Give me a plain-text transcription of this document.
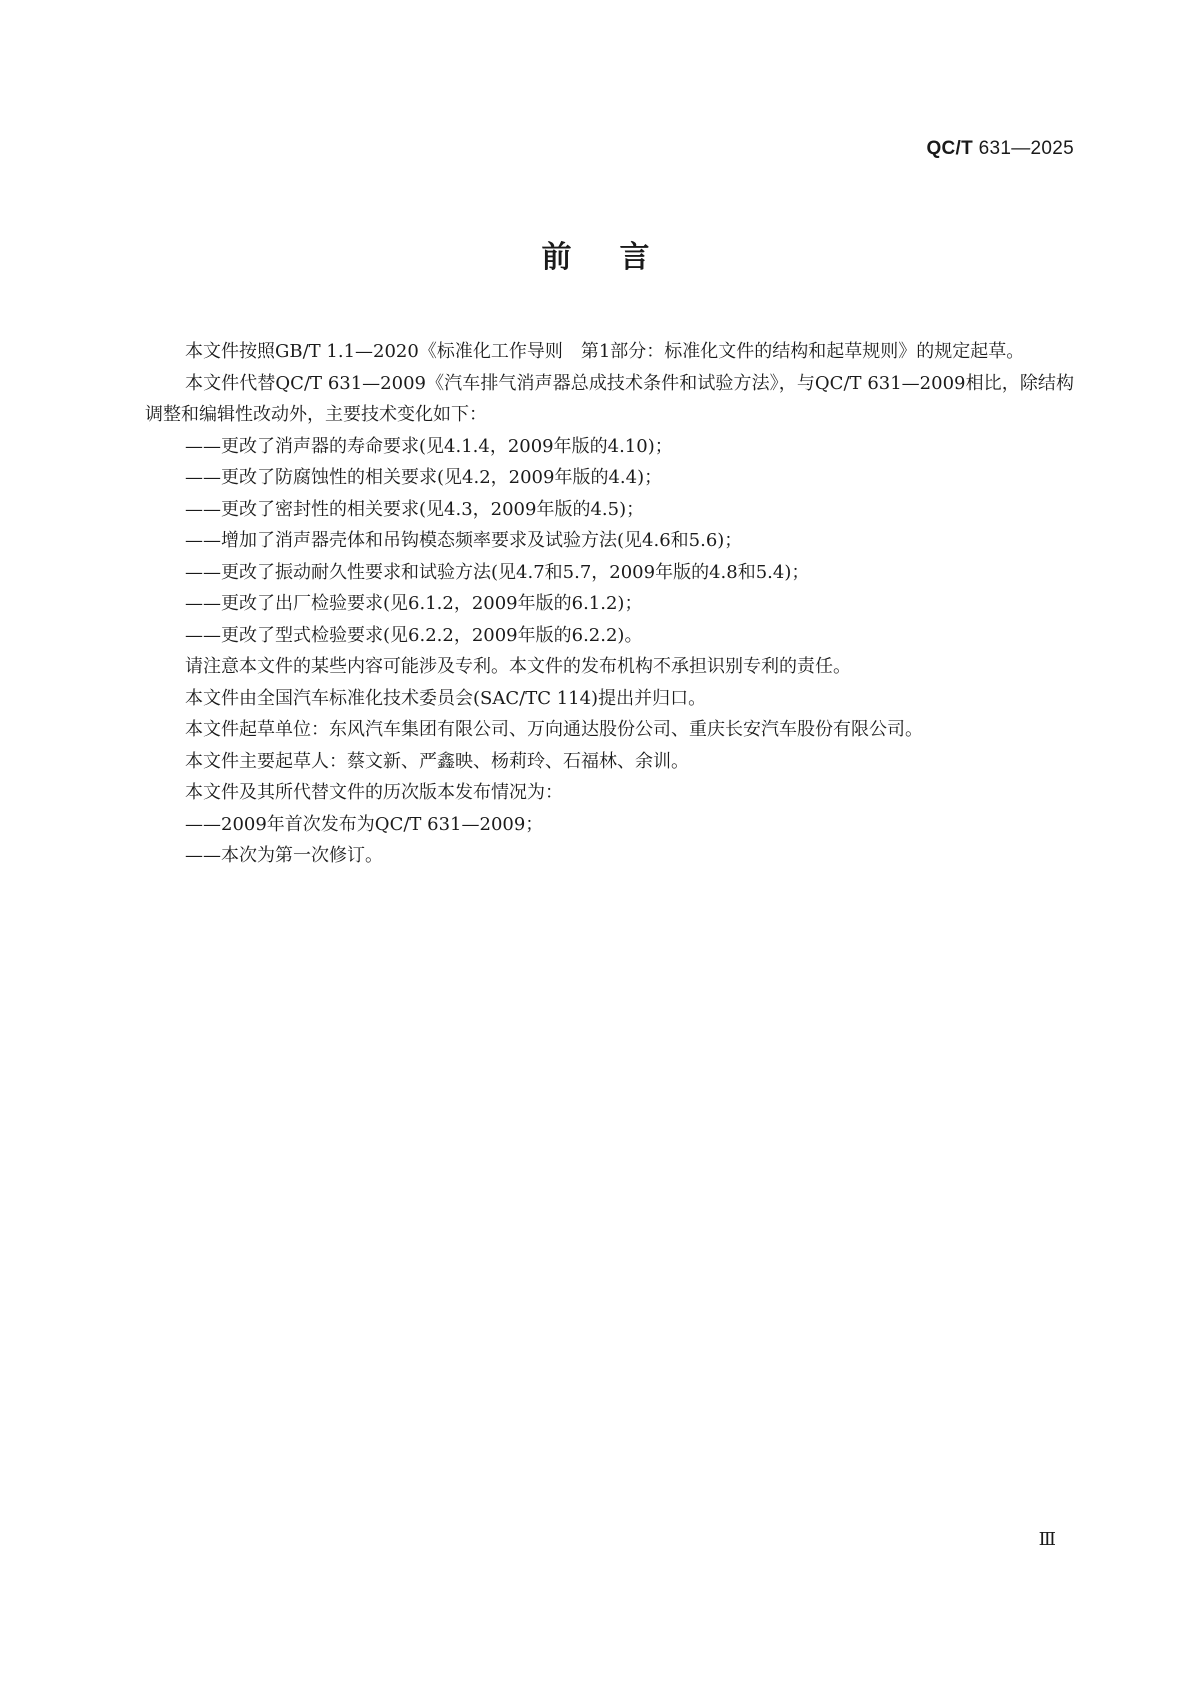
QC/T 631—2025
前言

本文件按照GB/T 1.1—2020《标准化工作导则　第1部分：标准化文件的结构和起草规则》的规定起草。

本文件代替QC/T 631—2009《汽车排气消声器总成技术条件和试验方法》，与QC/T 631—2009相比，除结构调整和编辑性改动外，主要技术变化如下：

——更改了消声器的寿命要求(见4.1.4，2009年版的4.10)；

——更改了防腐蚀性的相关要求(见4.2，2009年版的4.4)；

——更改了密封性的相关要求(见4.3，2009年版的4.5)；

——增加了消声器壳体和吊钩模态频率要求及试验方法(见4.6和5.6)；

——更改了振动耐久性要求和试验方法(见4.7和5.7，2009年版的4.8和5.4)；

——更改了出厂检验要求(见6.1.2，2009年版的6.1.2)；

——更改了型式检验要求(见6.2.2，2009年版的6.2.2)。

请注意本文件的某些内容可能涉及专利。本文件的发布机构不承担识别专利的责任。

本文件由全国汽车标准化技术委员会(SAC/TC 114)提出并归口。

本文件起草单位：东风汽车集团有限公司、万向通达股份公司、重庆长安汽车股份有限公司。

本文件主要起草人：蔡文新、严鑫映、杨莉玲、石福林、余训。

本文件及其所代替文件的历次版本发布情况为：

——2009年首次发布为QC/T 631—2009；

——本次为第一次修订。

Ⅲ
